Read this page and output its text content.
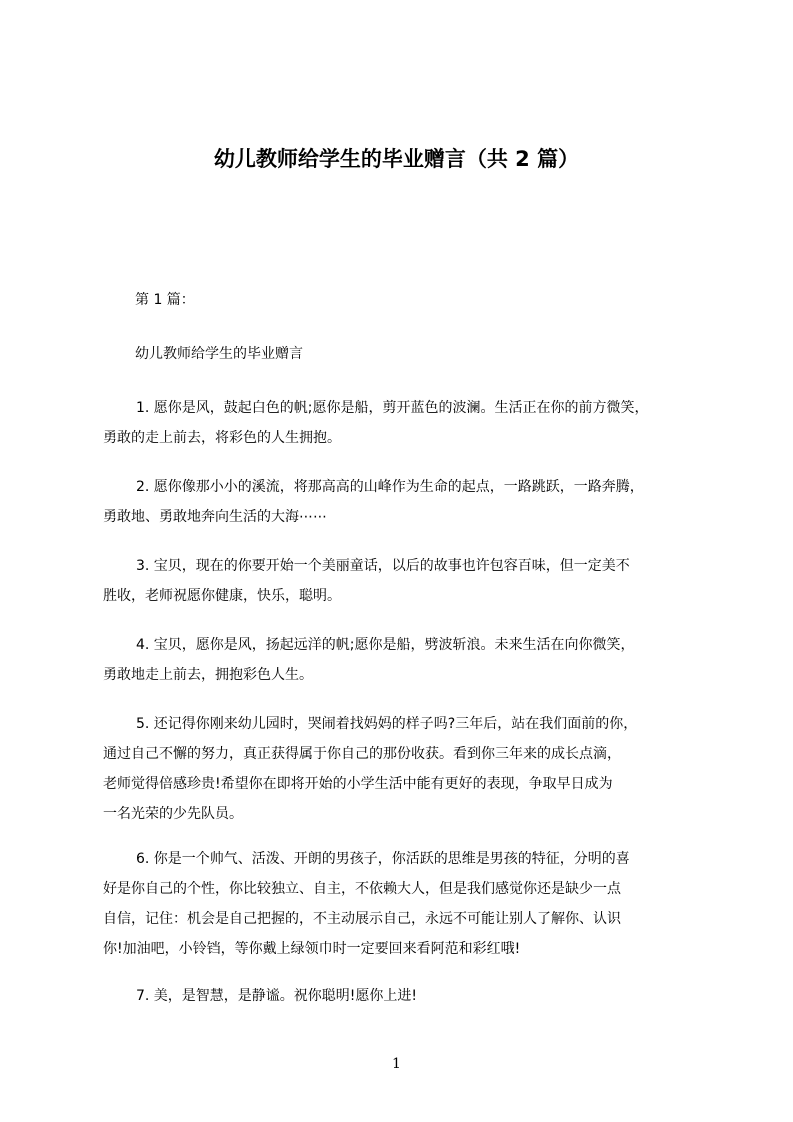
幼儿教师给学生的毕业赠言（共 2 篇）
第 1 篇：
幼儿教师给学生的毕业赠言
1. 愿你是风，鼓起白色的帆;愿你是船，剪开蓝色的波澜。生活正在你的前方微笑，
勇敢的走上前去，将彩色的人生拥抱。
2. 愿你像那小小的溪流，将那高高的山峰作为生命的起点，一路跳跃，一路奔腾，
勇敢地、勇敢地奔向生活的大海⋯⋯
3. 宝贝，现在的你要开始一个美丽童话，以后的故事也许包容百味，但一定美不
胜收，老师祝愿你健康，快乐，聪明。
4. 宝贝，愿你是风，扬起远洋的帆;愿你是船，劈波斩浪。未来生活在向你微笑，
勇敢地走上前去，拥抱彩色人生。
5. 还记得你刚来幼儿园时，哭闹着找妈妈的样子吗?三年后，站在我们面前的你，
通过自己不懈的努力，真正获得属于你自己的那份收获。看到你三年来的成长点滴，
老师觉得倍感珍贵!希望你在即将开始的小学生活中能有更好的表现，争取早日成为
一名光荣的少先队员。
6. 你是一个帅气、活泼、开朗的男孩子，你活跃的思维是男孩的特征，分明的喜
好是你自己的个性，你比较独立、自主，不依赖大人，但是我们感觉你还是缺少一点
自信，记住：机会是自己把握的，不主动展示自己，永远不可能让别人了解你、认识
你!加油吧，小铃铛，等你戴上绿领巾时一定要回来看阿范和彩红哦!
7. 美，是智慧，是静谧。祝你聪明!愿你上进!
1
